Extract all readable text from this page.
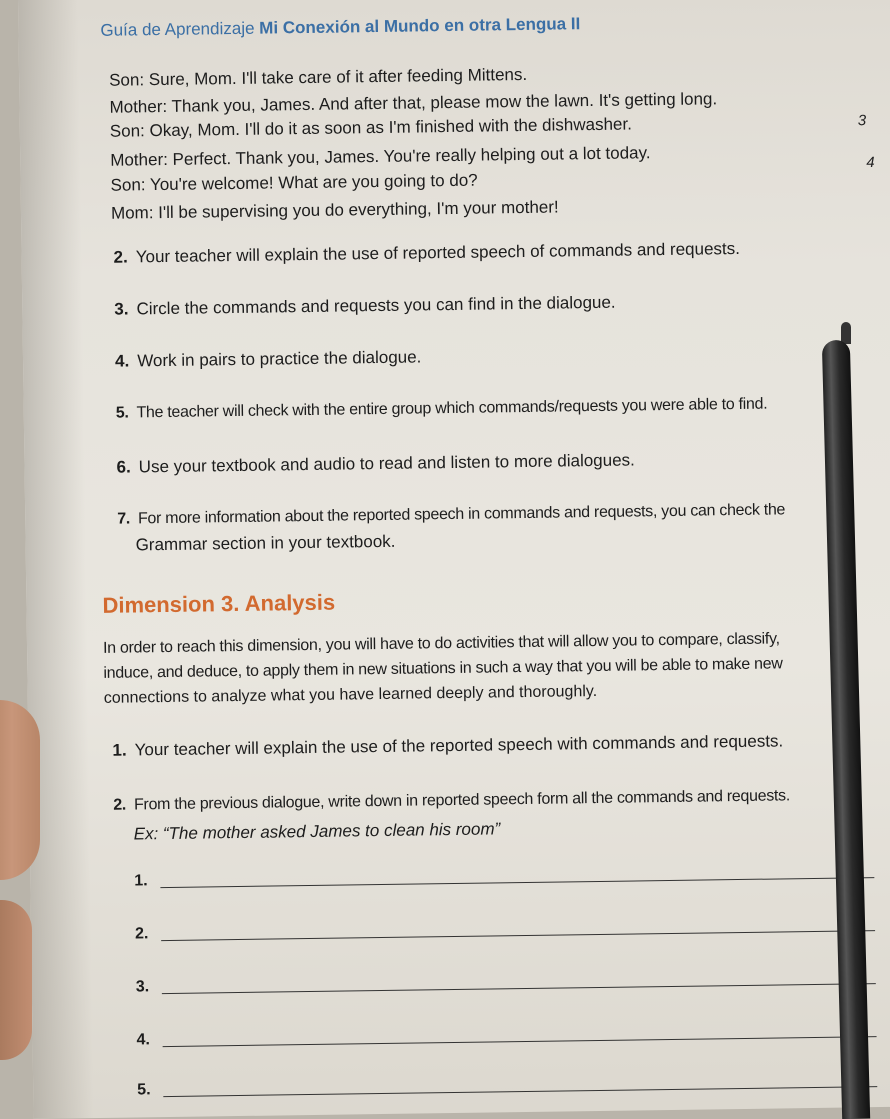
Guía de Aprendizaje Mi Conexión al Mundo en otra Lengua II
Son: Sure, Mom. I'll take care of it after feeding Mittens.
Mother: Thank you, James. And after that, please mow the lawn. It's getting long.
Son: Okay, Mom. I'll do it as soon as I'm finished with the dishwasher.
Mother: Perfect. Thank you, James. You're really helping out a lot today.
Son: You're welcome! What are you going to do?
Mom: I'll be supervising you do everything, I'm your mother!
2. Your teacher will explain the use of reported speech of commands and requests.
3. Circle the commands and requests you can find in the dialogue.
4. Work in pairs to practice the dialogue.
5. The teacher will check with the entire group which commands/requests you were able to find.
6. Use your textbook and audio to read and listen to more dialogues.
7. For more information about the reported speech in commands and requests, you can check the
Grammar section in your textbook.
Dimension 3. Analysis
In order to reach this dimension, you will have to do activities that will allow you to compare, classify,
induce, and deduce, to apply them in new situations in such a way that you will be able to make new
connections to analyze what you have learned deeply and thoroughly.
1. Your teacher will explain the use of the reported speech with commands and requests.
2. From the previous dialogue, write down in reported speech form all the commands and requests.
Ex: “The mother asked James to clean his room”
1.
2.
3.
4.
5.
3
4
